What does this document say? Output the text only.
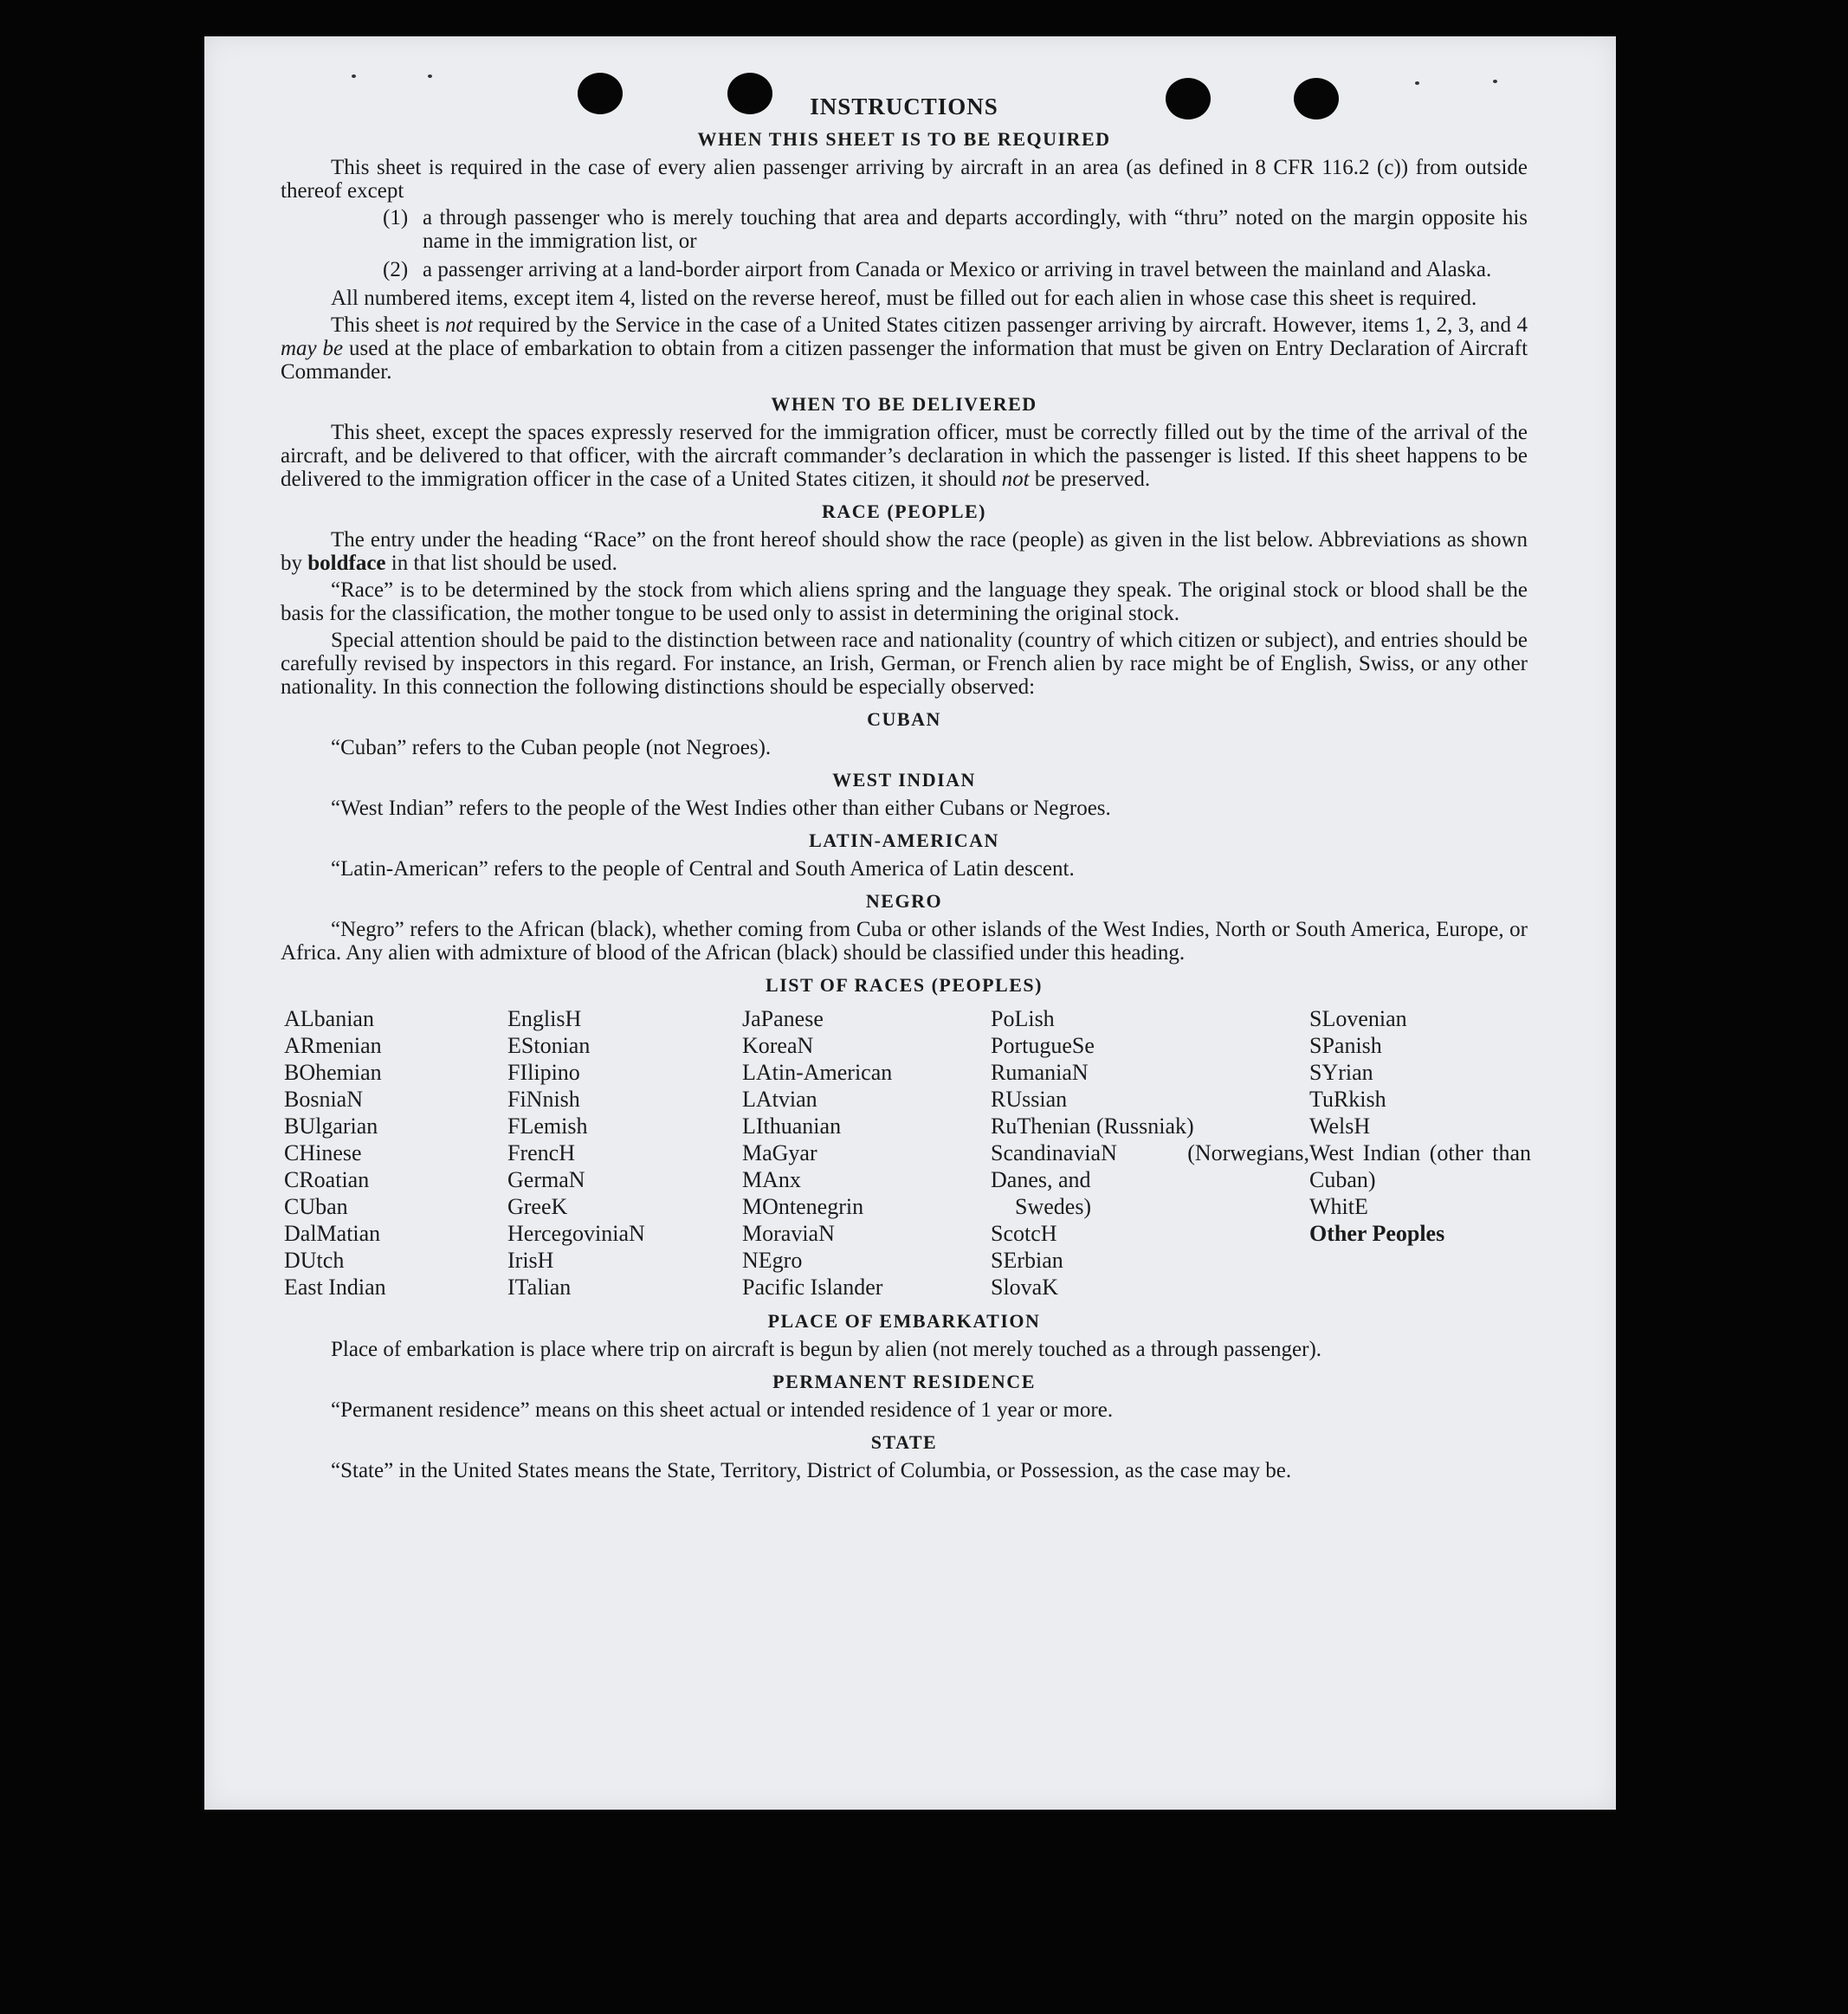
INSTRUCTIONS
WHEN THIS SHEET IS TO BE REQUIRED

This sheet is required in the case of every alien passenger arriving by aircraft in an area (as defined in 8 CFR 116.2 (c)) from outside thereof except

(1) a through passenger who is merely touching that area and departs accordingly, with “thru” noted on the margin opposite his name in the immigration list, or
(2) a passenger arriving at a land-border airport from Canada or Mexico or arriving in travel between the mainland and Alaska.

All numbered items, except item 4, listed on the reverse hereof, must be filled out for each alien in whose case this sheet is required.

This sheet is not required by the Service in the case of a United States citizen passenger arriving by aircraft. However, items 1, 2, 3, and 4 may be used at the place of embarkation to obtain from a citizen passenger the information that must be given on Entry Declaration of Aircraft Commander.

WHEN TO BE DELIVERED

This sheet, except the spaces expressly reserved for the immigration officer, must be correctly filled out by the time of the arrival of the aircraft, and be delivered to that officer, with the aircraft commander’s declaration in which the passenger is listed. If this sheet happens to be delivered to the immigration officer in the case of a United States citizen, it should not be preserved.

RACE (PEOPLE)

The entry under the heading “Race” on the front hereof should show the race (people) as given in the list below. Abbreviations as shown by boldface in that list should be used.

“Race” is to be determined by the stock from which aliens spring and the language they speak. The original stock or blood shall be the basis for the classification, the mother tongue to be used only to assist in determining the original stock.

Special attention should be paid to the distinction between race and nationality (country of which citizen or subject), and entries should be carefully revised by inspectors in this regard. For instance, an Irish, German, or French alien by race might be of English, Swiss, or any other nationality. In this connection the following distinctions should be especially observed:

CUBAN

“Cuban” refers to the Cuban people (not Negroes).

WEST INDIAN

“West Indian” refers to the people of the West Indies other than either Cubans or Negroes.

LATIN-AMERICAN

“Latin-American” refers to the people of Central and South America of Latin descent.

NEGRO

“Negro” refers to the African (black), whether coming from Cuba or other islands of the West Indies, North or South America, Europe, or Africa. Any alien with admixture of blood of the African (black) should be classified under this heading.

LIST OF RACES (PEOPLES)
ALbanian
ARmenian
BOhemian
BosniaN
BUlgarian
CHinese
CRoatian
CUban
DalMatian
DUtch
East Indian
EnglisH
EStonian
FIlipino
FiNnish
FLemish
FrencH
GermaN
GreeK
HercegoviniaN
IrisH
ITalian
JaPanese
KoreaN
LAtin-American
LAtvian
LIthuanian
MaGyar
MAnx
MOntenegrin
MoraviaN
NEgro
Pacific Islander
PoLish
PortugueSe
RumaniaN
RUssian
RuThenian (Russniak)
ScandinaviaN (Norwegians, Danes, and
Swedes)
ScotcH
SErbian
SlovaK
SLovenian
SPanish
SYrian
TuRkish
WelsH
West Indian (other than Cuban)
WhitE
Other Peoples
PLACE OF EMBARKATION

Place of embarkation is place where trip on aircraft is begun by alien (not merely touched as a through passenger).

PERMANENT RESIDENCE

“Permanent residence” means on this sheet actual or intended residence of 1 year or more.

STATE

“State” in the United States means the State, Territory, District of Columbia, or Possession, as the case may be.
